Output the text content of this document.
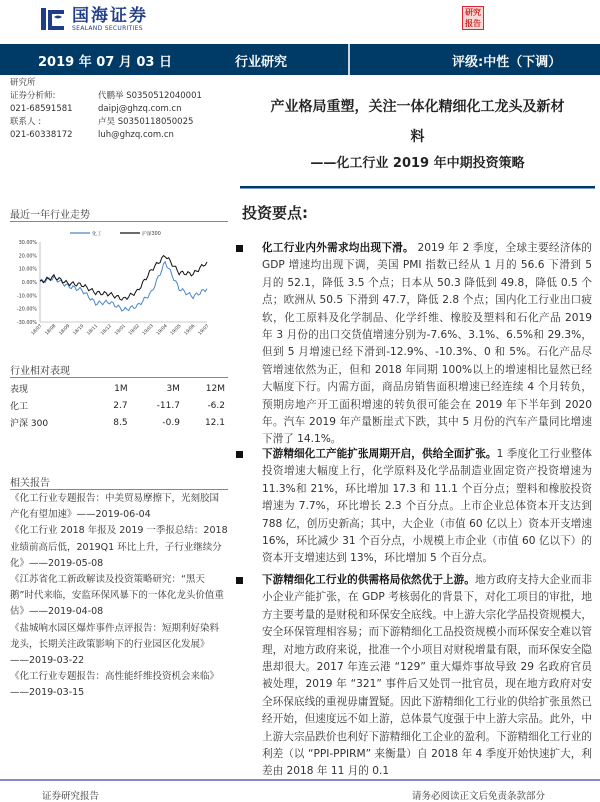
国海证券
SEALAND SECURITIES
研究
报告
2019 年 07 月 03 日	行业研究	评级:中性（下调）
研究所
证券分析师:	代鹏举 S0350512040001
021-68591581	daipj@ghzq.com.cn
联系人 :	卢昊 S0350118050025
021-60338172	luh@ghzq.com.cn
产业格局重塑，关注一体化精细化工龙头及新材
料
——化工行业 2019 年中期投资策略
最近一年行业走势
30.00%
20.00%
10.00%
0.00%
-10.00%
-20.00%
-30.00%
18/07 18/08 18/09 18/10 18/11 18/12 19/01 19/02 19/03 19/04 19/05 19/06 19/07
化工	沪深300
行业相对表现
表现	1M	3M	12M
化工	2.7	-11.7	-6.2
沪深 300	8.5	-0.9	12.1
相关报告
《化工行业专题报告：中美贸易摩擦下，光刻胶国产化有望加速》——2019-06-04
《化工行业 2018 年报及 2019 一季报总结：2018 业绩前高后低，2019Q1 环比上升，子行业继续分化》——2019-05-08
《江苏省化工新政解读及投资策略研究：“黑天鹅”时代来临，安监环保风暴下的一体化龙头价值重估》——2019-04-08
《盐城响水园区爆炸事件点评报告：短期利好染料龙头，长期关注政策影响下的行业园区化发展》——2019-03-22
《化工行业专题报告：高性能纤维投资机会来临》——2019-03-15
投资要点:
化工行业内外需求均出现下滑。 2019 年 2 季度，全球主要经济体的 GDP 增速均出现下调，美国 PMI 指数已经从 1 月的 56.6 下滑到 5 月的 52.1，降低 3.5 个点；日本从 50.3 降低到 49.8，降低 0.5 个点；欧洲从 50.5 下滑到 47.7，降低 2.8 个点；国内化工行业出口疲软，化工原料及化学制品、化学纤维、橡胶及塑料和石化产品 2019 年 3 月份的出口交货值增速分别为-7.6%、3.1%、6.5%和 29.3%，但到 5 月增速已经下滑到-12.9%、-10.3%、0 和 5%。石化产品尽管增速依然为正，但和 2018 年同期 100%以上的增速相比显然已经大幅度下行。内需方面，商品房销售面积增速已经连续 4 个月转负，预期房地产开工面积增速的转负很可能会在 2019 年下半年到 2020 年。汽车 2019 年产量断崖式下跌，其中 5 月份的汽车产量同比增速下滑了 14.1%。
下游精细化工产能扩张周期开启，供给全面扩张。1 季度化工行业整体投资增速大幅度上行，化学原料及化学品制造业固定资产投资增速为 11.3%和 21%，环比增加 17.3 和 11.1 个百分点；塑料和橡胶投资增速为 7.7%，环比增长 2.3 个百分点。上市企业总体资本开支达到 788 亿，创历史新高；其中，大企业（市值 60 亿以上）资本开支增速 16%，环比减少 31 个百分点，小规模上市企业（市值 60 亿以下）的资本开支增速达到 13%，环比增加 5 个百分点。
下游精细化工行业的供需格局依然优于上游。地方政府支持大企业而非小企业产能扩张，在 GDP 考核弱化的背景下，对化工项目的审批，地方主要考量的是财税和环保安全底线。中上游大宗化学品投资规模大，安全环保管理相容易；而下游精细化工品投资规模小而环保安全难以管理，对地方政府来说，批准一个小项目对财税增量有限，而环保安全隐患却很大。2017 年连云港 “129” 重大爆炸事故导致 29 名政府官员被处理，2019 年 “321” 事件后又处罚一批官员，现在地方政府对安全环保底线的重视毋庸置疑。因此下游精细化工行业的供给扩张虽然已经开始，但速度远不如上游，总体景气度强于中上游大宗品。此外，中上游大宗品跌价也利好下游精细化工企业的盈利。下游精细化工行业的利差（以 “PPI-PPIRM” 来衡量）自 2018 年 4 季度开始快速扩大，利差由 2018 年 11 月的 0.1
证券研究报告	请务必阅读正文后免责条款部分
